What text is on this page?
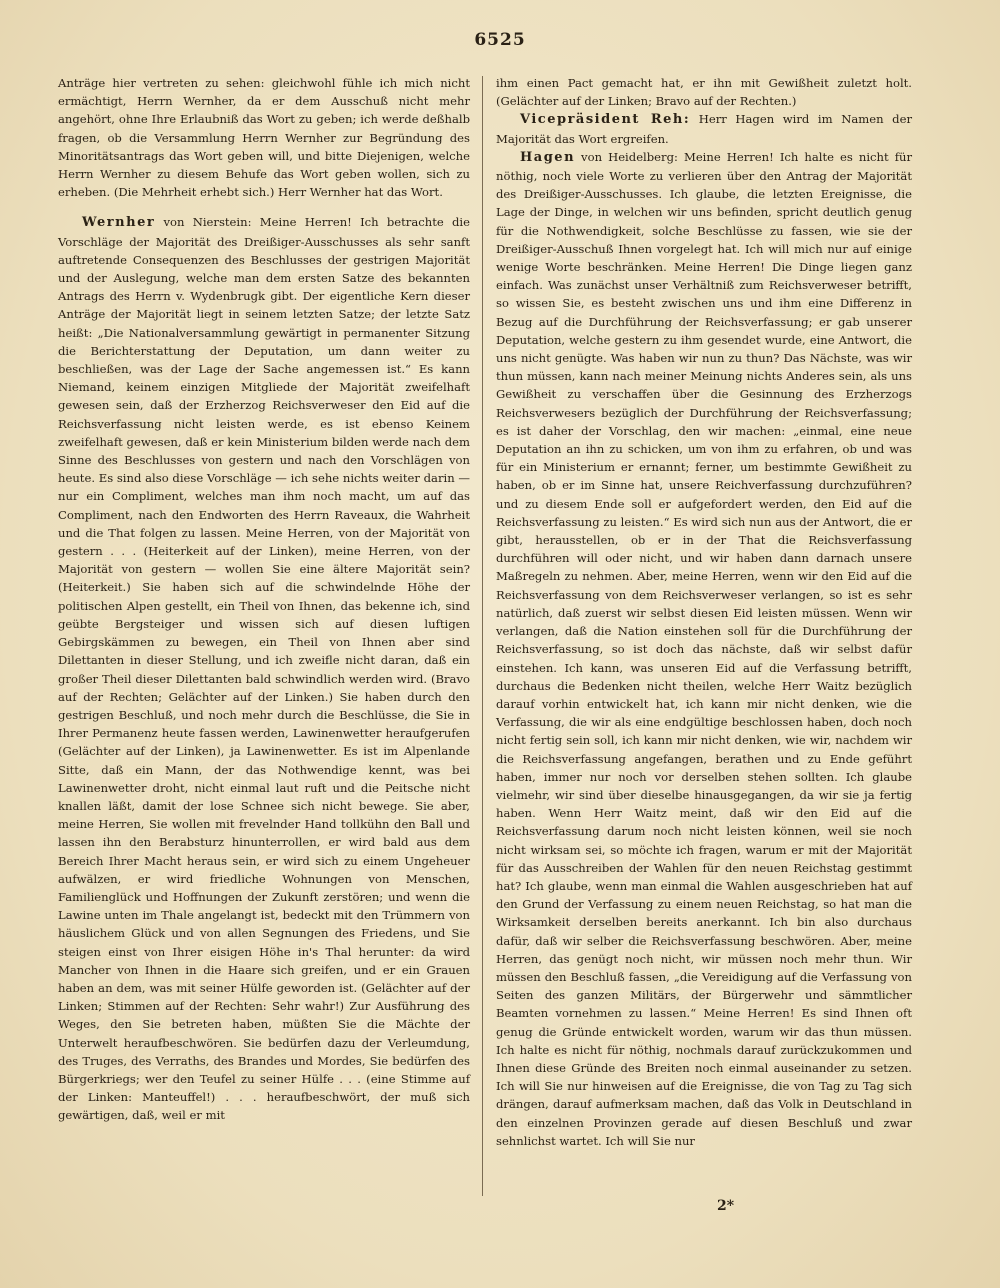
6525

Anträge hier vertreten zu sehen: gleichwohl fühle ich mich nicht ermächtigt, Herrn Wernher, da er dem Ausschuß nicht mehr angehört, ohne Ihre Erlaubniß das Wort zu geben; ich werde deßhalb fragen, ob die Versammlung Herrn Wernher zur Begründung des Minoritätsantrags das Wort geben will, und bitte Diejenigen, welche Herrn Wernher zu diesem Behufe das Wort geben wollen, sich zu erheben. (Die Mehrheit erhebt sich.) Herr Wernher hat das Wort.

Wernher von Nierstein: Meine Herren! Ich betrachte die Vorschläge der Majorität des Dreißiger-Ausschusses als sehr sanft auftretende Consequenzen des Beschlusses der gestrigen Majorität und der Auslegung, welche man dem ersten Satze des bekannten Antrags des Herrn v. Wydenbrugk gibt. Der eigentliche Kern dieser Anträge der Majorität liegt in seinem letzten Satze; der letzte Satz heißt: „Die Nationalversammlung gewärtigt in permanenter Sitzung die Berichterstattung der Deputation, um dann weiter zu beschließen, was der Lage der Sache angemessen ist.“ Es kann Niemand, keinem einzigen Mitgliede der Majorität zweifelhaft gewesen sein, daß der Erzherzog Reichsverweser den Eid auf die Reichsverfassung nicht leisten werde, es ist ebenso Keinem zweifelhaft gewesen, daß er kein Ministerium bilden werde nach dem Sinne des Beschlusses von gestern und nach den Vorschlägen von heute. Es sind also diese Vorschläge — ich sehe nichts weiter darin — nur ein Compliment, welches man ihm noch macht, um auf das Compliment, nach den Endworten des Herrn Raveaux, die Wahrheit und die That folgen zu lassen. Meine Herren, von der Majorität von gestern . . . (Heiterkeit auf der Linken), meine Herren, von der Majorität von gestern — wollen Sie eine ältere Majorität sein? (Heiterkeit.) Sie haben sich auf die schwindelnde Höhe der politischen Alpen gestellt, ein Theil von Ihnen, das bekenne ich, sind geübte Bergsteiger und wissen sich auf diesen luftigen Gebirgskämmen zu bewegen, ein Theil von Ihnen aber sind Dilettanten in dieser Stellung, und ich zweifle nicht daran, daß ein großer Theil dieser Dilettanten bald schwindlich werden wird. (Bravo auf der Rechten; Gelächter auf der Linken.) Sie haben durch den gestrigen Beschluß, und noch mehr durch die Beschlüsse, die Sie in Ihrer Permanenz heute fassen werden, Lawinenwetter heraufgerufen (Gelächter auf der Linken), ja Lawinenwetter. Es ist im Alpenlande Sitte, daß ein Mann, der das Nothwendige kennt, was bei Lawinenwetter droht, nicht einmal laut ruft und die Peitsche nicht knallen läßt, damit der lose Schnee sich nicht bewege. Sie aber, meine Herren, Sie wollen mit frevelnder Hand tollkühn den Ball und lassen ihn den Berabsturz hinunterrollen, er wird bald aus dem Bereich Ihrer Macht heraus sein, er wird sich zu einem Ungeheuer aufwälzen, er wird friedliche Wohnungen von Menschen, Familienglück und Hoffnungen der Zukunft zerstören; und wenn die Lawine unten im Thale angelangt ist, bedeckt mit den Trümmern von häuslichem Glück und von allen Segnungen des Friedens, und Sie steigen einst von Ihrer eisigen Höhe in's Thal herunter: da wird Mancher von Ihnen in die Haare sich greifen, und er ein Grauen haben an dem, was mit seiner Hülfe geworden ist. (Gelächter auf der Linken; Stimmen auf der Rechten: Sehr wahr!) Zur Ausführung des Weges, den Sie betreten haben, müßten Sie die Mächte der Unterwelt heraufbeschwören. Sie bedürfen dazu der Verleumdung, des Truges, des Verraths, des Brandes und Mordes, Sie bedürfen des Bürgerkriegs; wer den Teufel zu seiner Hülfe . . . (eine Stimme auf der Linken: Manteuffel!) . . . heraufbeschwört, der muß sich gewärtigen, daß, weil er mit

ihm einen Pact gemacht hat, er ihn mit Gewißheit zuletzt holt. (Gelächter auf der Linken; Bravo auf der Rechten.)

Vicepräsident Reh: Herr Hagen wird im Namen der Majorität das Wort ergreifen.

Hagen von Heidelberg: Meine Herren! Ich halte es nicht für nöthig, noch viele Worte zu verlieren über den Antrag der Majorität des Dreißiger-Ausschusses. Ich glaube, die letzten Ereignisse, die Lage der Dinge, in welchen wir uns befinden, spricht deutlich genug für die Nothwendigkeit, solche Beschlüsse zu fassen, wie sie der Dreißiger-Ausschuß Ihnen vorgelegt hat. Ich will mich nur auf einige wenige Worte beschränken. Meine Herren! Die Dinge liegen ganz einfach. Was zunächst unser Verhältniß zum Reichsverweser betrifft, so wissen Sie, es besteht zwischen uns und ihm eine Differenz in Bezug auf die Durchführung der Reichsverfassung; er gab unserer Deputation, welche gestern zu ihm gesendet wurde, eine Antwort, die uns nicht genügte. Was haben wir nun zu thun? Das Nächste, was wir thun müssen, kann nach meiner Meinung nichts Anderes sein, als uns Gewißheit zu verschaffen über die Gesinnung des Erzherzogs Reichsverwesers bezüglich der Durchführung der Reichsverfassung; es ist daher der Vorschlag, den wir machen: „einmal, eine neue Deputation an ihn zu schicken, um von ihm zu erfahren, ob und was für ein Ministerium er ernannt; ferner, um bestimmte Gewißheit zu haben, ob er im Sinne hat, unsere Reichverfassung durchzuführen? und zu diesem Ende soll er aufgefordert werden, den Eid auf die Reichsverfassung zu leisten.“ Es wird sich nun aus der Antwort, die er gibt, herausstellen, ob er in der That die Reichsverfassung durchführen will oder nicht, und wir haben dann darnach unsere Maßregeln zu nehmen. Aber, meine Herren, wenn wir den Eid auf die Reichsverfassung von dem Reichsverweser verlangen, so ist es sehr natürlich, daß zuerst wir selbst diesen Eid leisten müssen. Wenn wir verlangen, daß die Nation einstehen soll für die Durchführung der Reichsverfassung, so ist doch das nächste, daß wir selbst dafür einstehen. Ich kann, was unseren Eid auf die Verfassung betrifft, durchaus die Bedenken nicht theilen, welche Herr Waitz bezüglich darauf vorhin entwickelt hat, ich kann mir nicht denken, wie die Verfassung, die wir als eine endgültige beschlossen haben, doch noch nicht fertig sein soll, ich kann mir nicht denken, wie wir, nachdem wir die Reichsverfassung angefangen, berathen und zu Ende geführt haben, immer nur noch vor derselben stehen sollten. Ich glaube vielmehr, wir sind über dieselbe hinausgegangen, da wir sie ja fertig haben. Wenn Herr Waitz meint, daß wir den Eid auf die Reichsverfassung darum noch nicht leisten können, weil sie noch nicht wirksam sei, so möchte ich fragen, warum er mit der Majorität für das Ausschreiben der Wahlen für den neuen Reichstag gestimmt hat? Ich glaube, wenn man einmal die Wahlen ausgeschrieben hat auf den Grund der Verfassung zu einem neuen Reichstag, so hat man die Wirksamkeit derselben bereits anerkannt. Ich bin also durchaus dafür, daß wir selber die Reichsverfassung beschwören. Aber, meine Herren, das genügt noch nicht, wir müssen noch mehr thun. Wir müssen den Beschluß fassen, „die Vereidigung auf die Verfassung von Seiten des ganzen Militärs, der Bürgerwehr und sämmtlicher Beamten vornehmen zu lassen.“ Meine Herren! Es sind Ihnen oft genug die Gründe entwickelt worden, warum wir das thun müssen. Ich halte es nicht für nöthig, nochmals darauf zurückzukommen und Ihnen diese Gründe des Breiten noch einmal auseinander zu setzen. Ich will Sie nur hinweisen auf die Ereignisse, die von Tag zu Tag sich drängen, darauf aufmerksam machen, daß das Volk in Deutschland in den einzelnen Provinzen gerade auf diesen Beschluß und zwar sehnlichst wartet. Ich will Sie nur

2*
